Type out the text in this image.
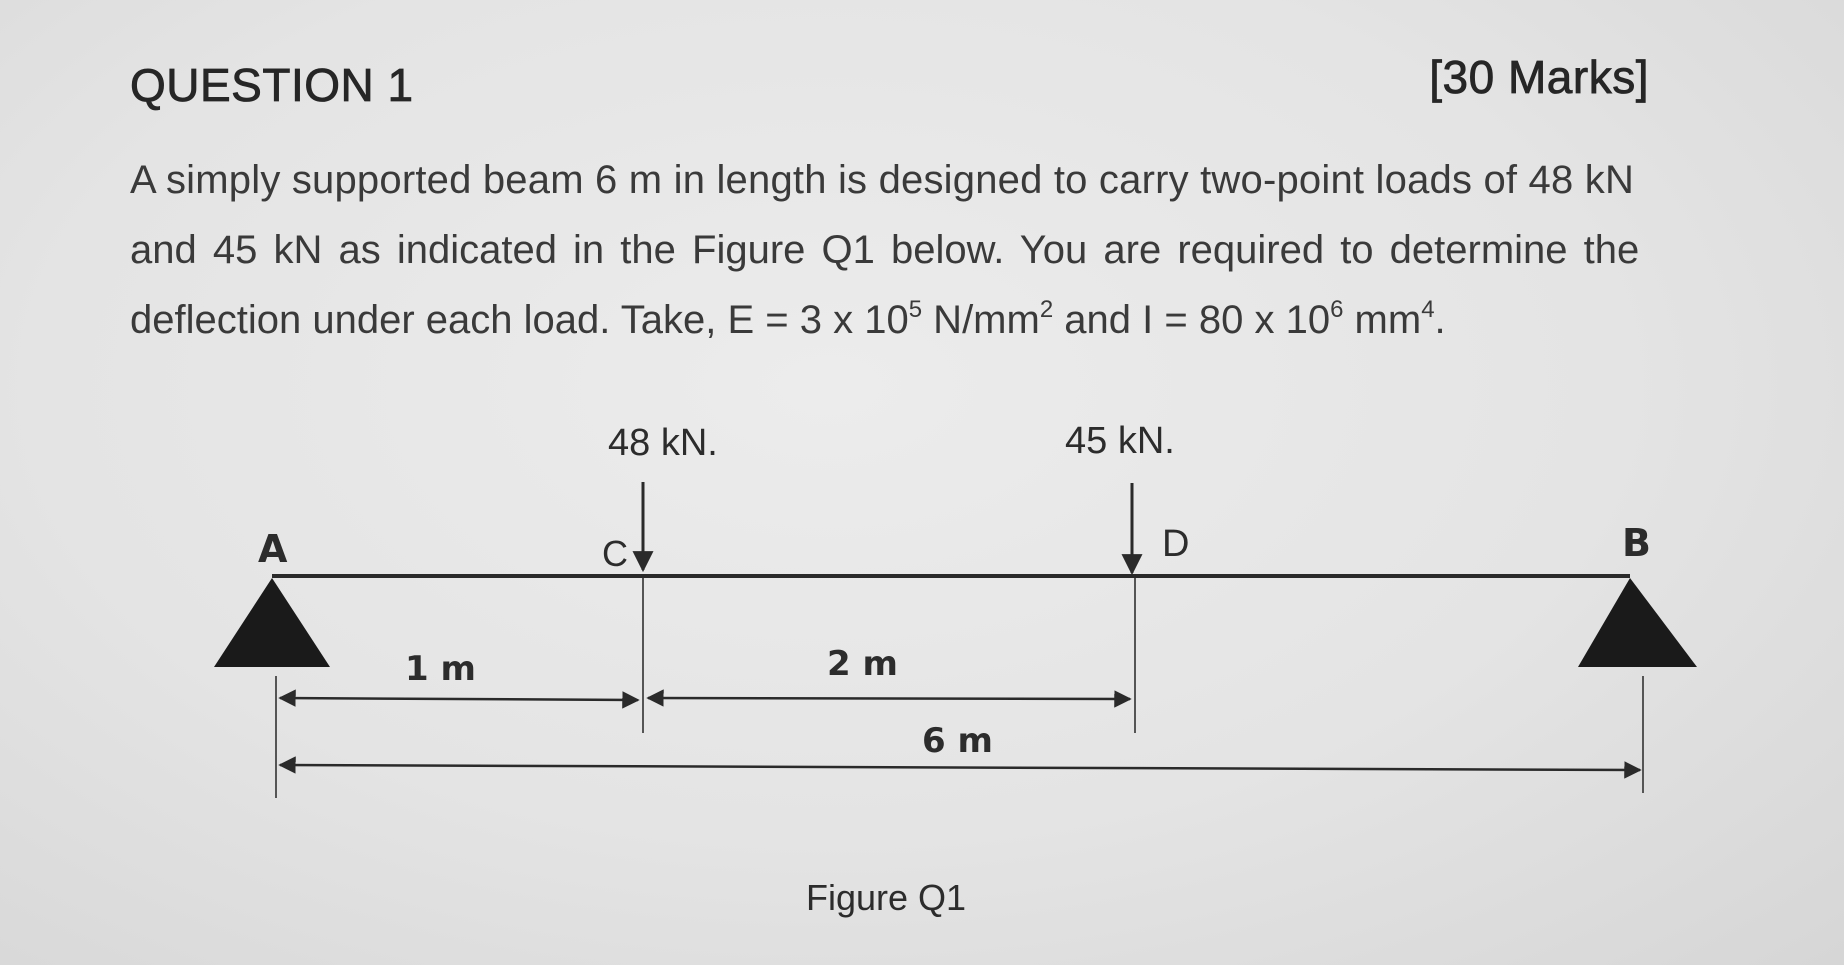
QUESTION 1	[30 Marks]
A simply supported beam 6 m in length is designed to carry two-point loads of 48 kN
and 45 kN as indicated in the Figure Q1 below. You are required to determine the
deflection under each load. Take, E = 3 x $10^5$ $N/mm^2$ and I = 80 x $10^6$ $mm^4$.
A	B
48 kN.
C
45 kN.
D
1 m	2 m
6 m
Figure Q1
